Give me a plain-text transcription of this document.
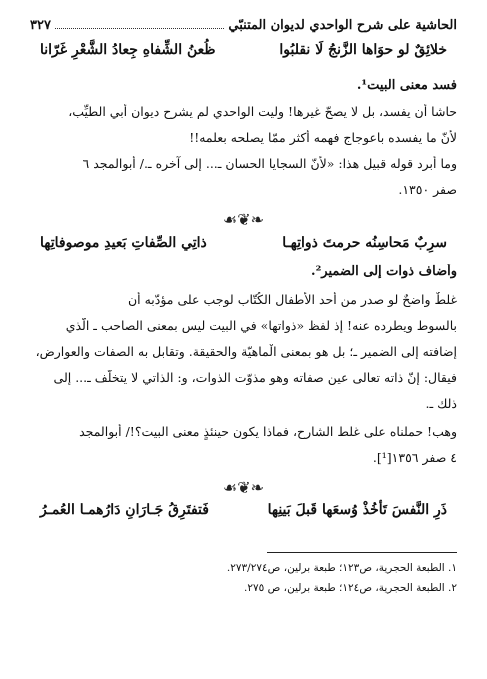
الحاشية على شرح الواحدي لديوان المتنبّي
٣٢٧
خلائِقٌ لو حوَاها الزَّنجُ لَا نقلبُوا
ظُعنُ الشِّفاهِ جِعادُ الشَّعْرِ غَرّانا
فسد معنى البيت¹.
حاشا أن يفسد، بل لا يصحّ غيرها! وليت الواحدي لم يشرح ديوان أبي الطيِّب،
لأنّ ما يفسده باعوجاج فهمه أكثر ممّا يصلحه بعلمه!!
وما أبرد قوله قبيل هذا: «لأنّ السجايا الحسان ـ... إلى آخره ـ./ أبوالمجد ٦
صفر ١٣٥٠.
❧❦☙
سرِبٌ مَحاسِنُه حرمتَ ذواتِهـا
ذاتِي الصِّفاتِ بَعيدِ موصوفاتِها
وأضاف ذوات إلى الضمير².
غلطٌ واضحٌ لو صدر من أحد الأطفال الكُتّاب لوجب على مؤدّبه أن
بالسوط ويطرده عنه! إذ لفظ «ذواتها» في البيت ليس بمعنى الصاحب ـ الّذي
إضافته إلى الضمير ـ؛ بل هو بمعنى الْماهيّة والحقيقة. وتقابل به الصفات والعوارض،
فيقال: إنّ ذاته تعالى عين صفاته وهو مذوّت الذوات، و: الذاتي لا يتخلّف ـ... إلى
ذلك ـ.
وهب! حملناه على غلط الشارح، فماذا يكون حينئذٍ معنى البيت؟!/ أبوالمجد
٤ صفر ١٣٥٦[¹].
❧❦☙
ذَرِ النَّفسَ تَأخُذْ وُسعَها قَبلَ بَينِها
فَتفتَرِقُ جَـارَانِ دَارُهمـا العُمـرُ
١. الطبعة الحجرية، ص١٢٣؛ طبعة برلين، ص٢٧٣/٢٧٤.
٢. الطبعة الحجرية، ص١٢٤؛ طبعة برلين، ص ٢٧٥.
